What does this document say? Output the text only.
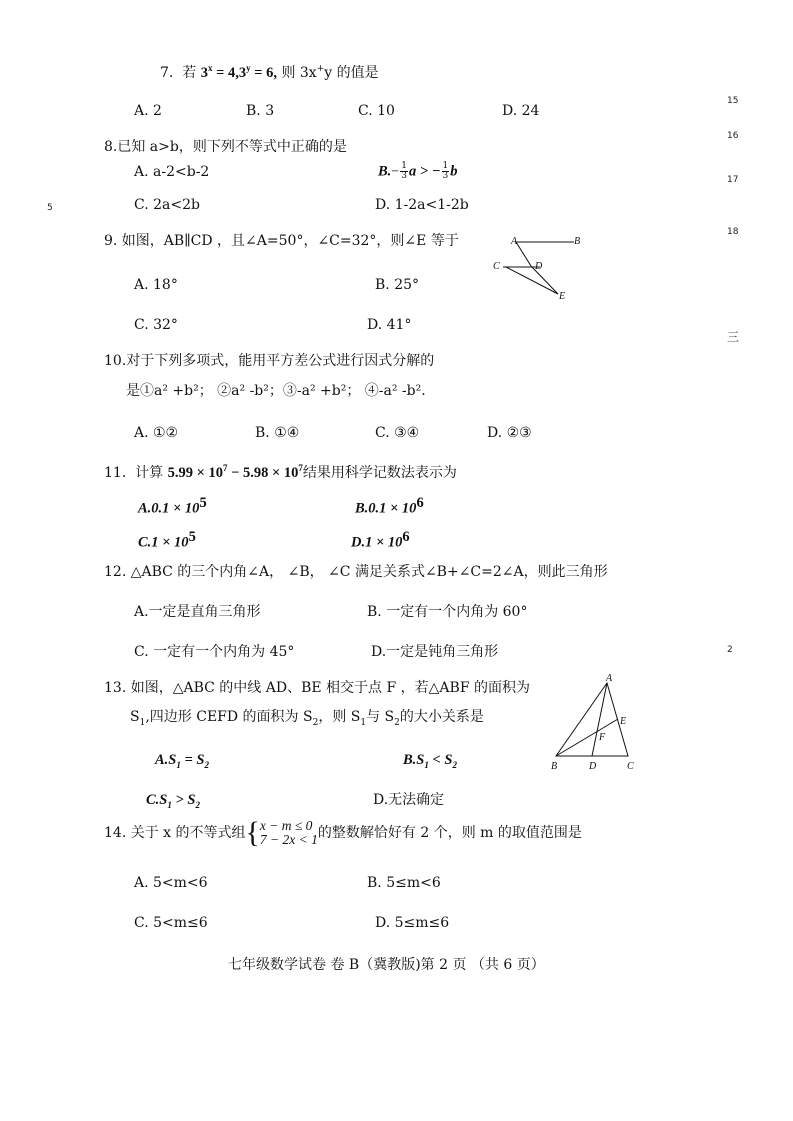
15
16
17
18
5
三
2
7. 若 $3^x = 4,3^y = 6$, 则 3x+y 的值是
A. 2	B. 3	C. 10	D. 24
8.已知 a>b，则下列不等式中正确的是
A. a-2<b-2	$B.- \frac{1}{3}$ a > − $\frac{1}{3}$ b
C. 2a<2b	D. 1-2a<1-2b
9. 如图，AB∥CD ，且∠A=50°，∠C=32°，则∠E 等于
A. 18°	B. 25°
C. 32°	D. 41°
A	B
C	D
E
10.对于下列多项式，能用平方差公式进行因式分解的
是①a² +b²； ②a² -b²；③-a² +b²； ④-a² -b².
A. ①②	B. ①④	C. ③④	D. ②③
11. 计算 $5.99 \times 10^7 - 5.98 \times 10^7$结果用科学记数法表示为
$A.0.1 \times 10^5$	$B.0.1 \times 10^6$
$C.1 \times 10^5$	$D.1 \times 10^6$
12. △ABC 的三个内角∠A， ∠B， ∠C 满足关系式∠B+∠C=2∠A，则此三角形
A.一定是直角三角形	B. 一定有一个内角为 60°
C. 一定有一个内角为 45°	D.一定是钝角三角形
13. 如图，△ABC 的中线 AD、BE 相交于点 F ，若△ABF 的面积为
$S_1$,四边形 CEFD 的面积为 $S_2$，则 $S_1$与 $S_2$的大小关系是
$A.S_1 = S_2$	$B.S_1 < S_2$
$C.S_1 > S_2$	D.无法确定
A
B	C
D
E
F
14. 关于 x 的不等式组{ x − m ≤ 0
7 − 2x < 1 的整数解恰好有 2 个，则 m 的取值范围是
A. 5<m<6	B. 5≤m<6
C. 5<m≤6	D. 5≤m≤6
七年级数学试卷 卷 B（冀教版)第 2 页 （共 6 页）
